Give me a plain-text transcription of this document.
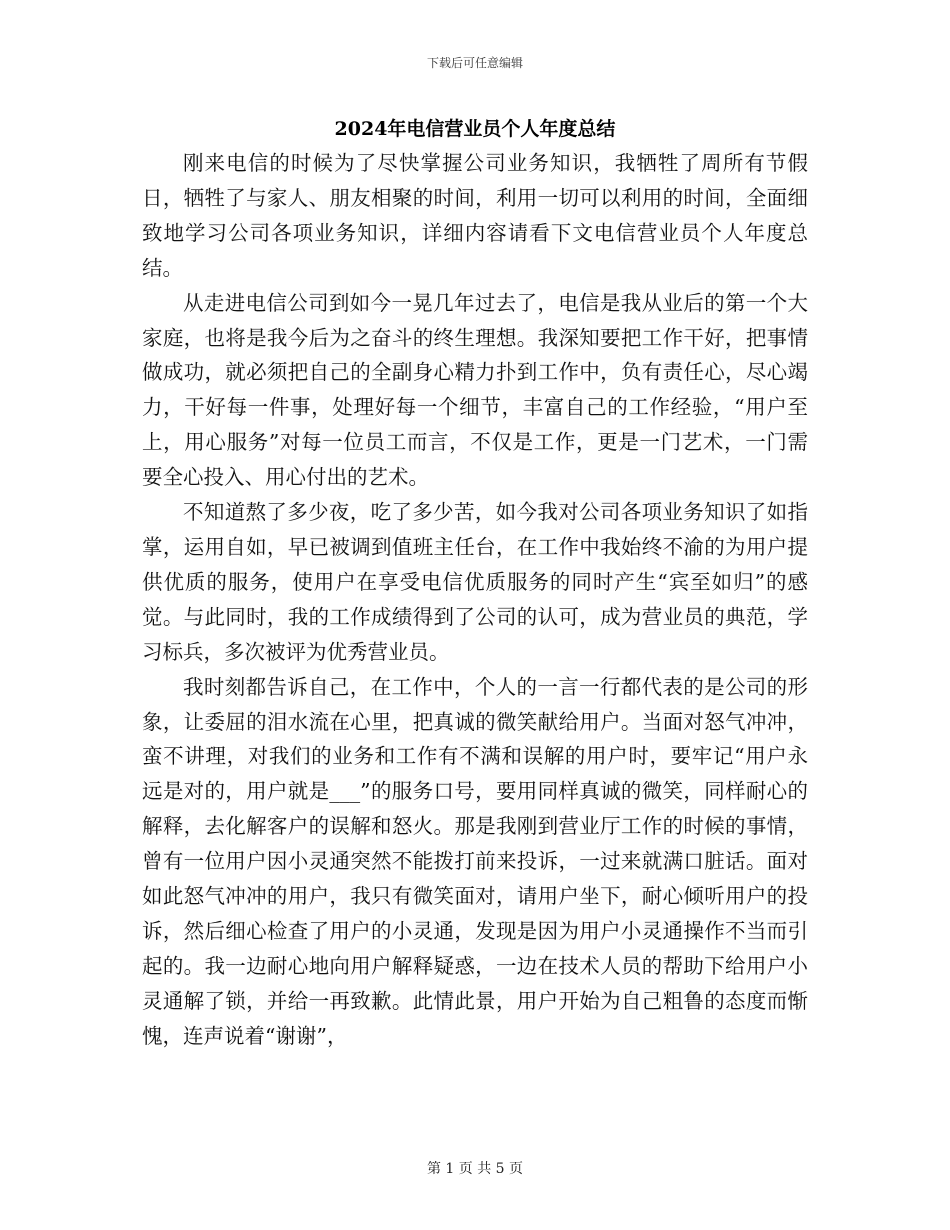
下载后可任意编辑
2024年电信营业员个人年度总结

刚来电信的时候为了尽快掌握公司业务知识，我牺牲了周所有节假日，牺牲了与家人、朋友相聚的时间，利用一切可以利用的时间，全面细致地学习公司各项业务知识，详细内容请看下文电信营业员个人年度总结。

从走进电信公司到如今一晃几年过去了，电信是我从业后的第一个大家庭，也将是我今后为之奋斗的终生理想。我深知要把工作干好，把事情做成功，就必须把自己的全副身心精力扑到工作中，负有责任心，尽心竭力，干好每一件事，处理好每一个细节，丰富自己的工作经验，“用户至上，用心服务”对每一位员工而言，不仅是工作，更是一门艺术，一门需要全心投入、用心付出的艺术。

不知道熬了多少夜，吃了多少苦，如今我对公司各项业务知识了如指掌，运用自如，早已被调到值班主任台，在工作中我始终不渝的为用户提供优质的服务，使用户在享受电信优质服务的同时产生“宾至如归”的感觉。与此同时，我的工作成绩得到了公司的认可，成为营业员的典范，学习标兵，多次被评为优秀营业员。

我时刻都告诉自己，在工作中，个人的一言一行都代表的是公司的形象，让委屈的泪水流在心里，把真诚的微笑献给用户。当面对怒气冲冲，蛮不讲理，对我们的业务和工作有不满和误解的用户时，要牢记“用户永远是对的，用户就是___”的服务口号，要用同样真诚的微笑，同样耐心的解释，去化解客户的误解和怒火。那是我刚到营业厅工作的时候的事情，曾有一位用户因小灵通突然不能拨打前来投诉，一过来就满口脏话。面对如此怒气冲冲的用户，我只有微笑面对，请用户坐下，耐心倾听用户的投诉，然后细心检查了用户的小灵通，发现是因为用户小灵通操作不当而引起的。我一边耐心地向用户解释疑惑，一边在技术人员的帮助下给用户小灵通解了锁，并给一再致歉。此情此景，用户开始为自己粗鲁的态度而惭愧，连声说着“谢谢”，

第 1 页 共 5 页
